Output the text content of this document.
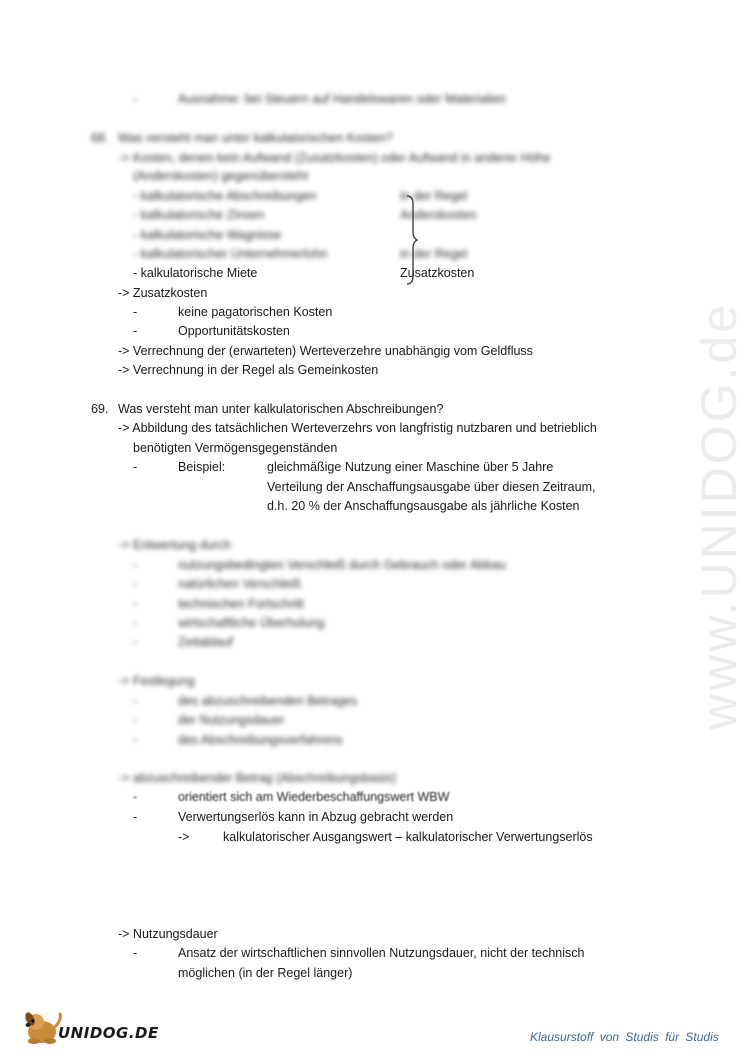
www.UNIDOG.de
-	Ausnahme: bei Steuern auf Handelswaren oder Materialien
68. Was versteht man unter kalkulatorischen Kosten?
-> Kosten, denen kein Aufwand (Zusatzkosten) oder Aufwand in anderer Höhe
(Anderskosten) gegenübersteht
- kalkulatorische Abschreibungen	in der Regel
- kalkulatorische Zinsen	Anderskosten
- kalkulatorische Wagnisse
- kalkulatorischer Unternehmerlohn	in der Regel
- kalkulatorische Miete	Zusatzkosten
-> Zusatzkosten
-	keine pagatorischen Kosten
-	Opportunitätskosten
-> Verrechnung der (erwarteten) Werteverzehre unabhängig vom Geldfluss
-> Verrechnung in der Regel als Gemeinkosten
69. Was versteht man unter kalkulatorischen Abschreibungen?
-> Abbildung des tatsächlichen Werteverzehrs von langfristig nutzbaren und betrieblich
benötigten Vermögensgegenständen
-	Beispiel:	gleichmäßige Nutzung einer Maschine über 5 Jahre
Verteilung der Anschaffungsausgabe über diesen Zeitraum,
d.h. 20 % der Anschaffungsausgabe als jährliche Kosten
-> Entwertung durch
-	nutzungsbedingten Verschleiß durch Gebrauch oder Abbau
-	natürlichen Verschleiß
-	technischen Fortschritt
-	wirtschaftliche Überholung
-	Zeitablauf
-> Festlegung
-	des abzuschreibenden Betrages
-	der Nutzungsdauer
-	des Abschreibungsverfahrens
-> abzuschreibender Betrag (Abschreibungsbasis)
-	orientiert sich am Wiederbeschaffungswert WBW
-	Verwertungserlös kann in Abzug gebracht werden
->	kalkulatorischer Ausgangswert – kalkulatorischer Verwertungserlös
-> Nutzungsdauer
-	Ansatz der wirtschaftlichen sinnvollen Nutzungsdauer, nicht der technisch
möglichen (in der Regel länger)
UNIDOG.DE	Klausurstoff von Studis für Studis
